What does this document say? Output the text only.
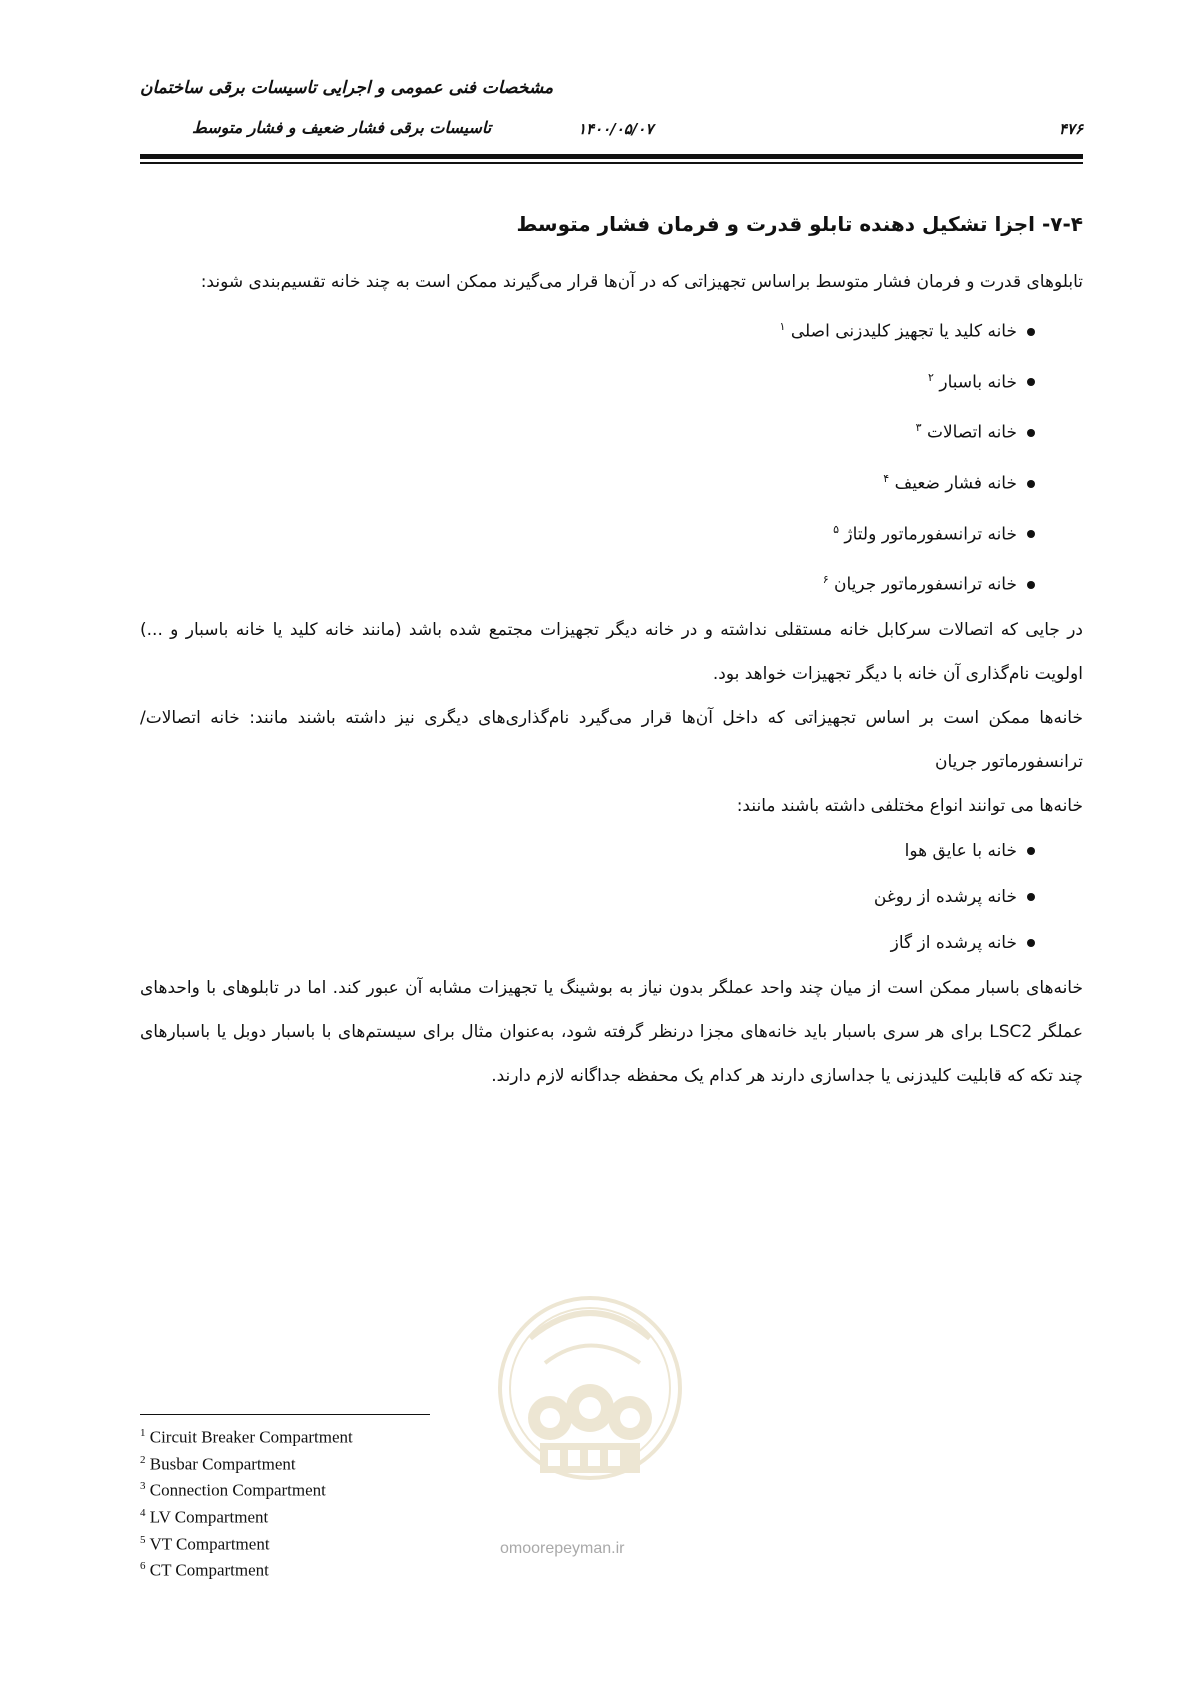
مشخصات فنی عمومی و اجرایی تاسیسات برقی ساختمان
تاسیسات برقی فشار ضعیف و فشار متوسط	۱۴۰۰/۰۵/۰۷	۴۷۶
۷-۴- اجزا تشکیل دهنده تابلو قدرت و فرمان فشار متوسط

تابلوهای قدرت و فرمان فشار متوسط براساس تجهیزاتی که در آن‌ها قرار می‌گیرند ممکن است به چند خانه تقسیم‌بندی شوند:

خانه کلید یا تجهیز کلیدزنی اصلی $^۱$
خانه باسبار $^۲$
خانه اتصالات $^۳$
خانه فشار ضعیف $^۴$
خانه ترانسفورماتور ولتاژ $^۵$
خانه ترانسفورماتور جریان $^۶$

در جایی که اتصالات سرکابل خانه مستقلی نداشته و در خانه دیگر تجهیزات مجتمع شده باشد (مانند خانه کلید یا خانه باسبار و ...) اولویت نام‌گذاری آن خانه با دیگر تجهیزات خواهد بود.

خانه‌ها ممکن است بر اساس تجهیزاتی که داخل آن‌ها قرار می‌گیرد نام‌گذاری‌های دیگری نیز داشته باشند مانند: خانه اتصالات/ترانسفورماتور جریان

خانه‌ها می توانند انواع مختلفی داشته باشند مانند:

خانه با عایق هوا
خانه پرشده از روغن
خانه پرشده از گاز

خانه‌های باسبار ممکن است از میان چند واحد عملگر بدون نیاز به بوشینگ یا تجهیزات مشابه آن عبور کند. اما در تابلوهای با واحدهای عملگر LSC2 برای هر سری باسبار باید خانه‌های مجزا درنظر گرفته شود، به‌عنوان مثال برای سیستم‌های با باسبار دوبل یا باسبارهای چند تکه که قابلیت کلیدزنی یا جداسازی دارند هر کدام یک محفظه جداگانه لازم دارند.

omoorepeyman.ir
$^1$ Circuit Breaker Compartment
$^2$ Busbar Compartment
$^3$ Connection Compartment
$^4$ LV Compartment
$^5$ VT Compartment
$^6$ CT Compartment
